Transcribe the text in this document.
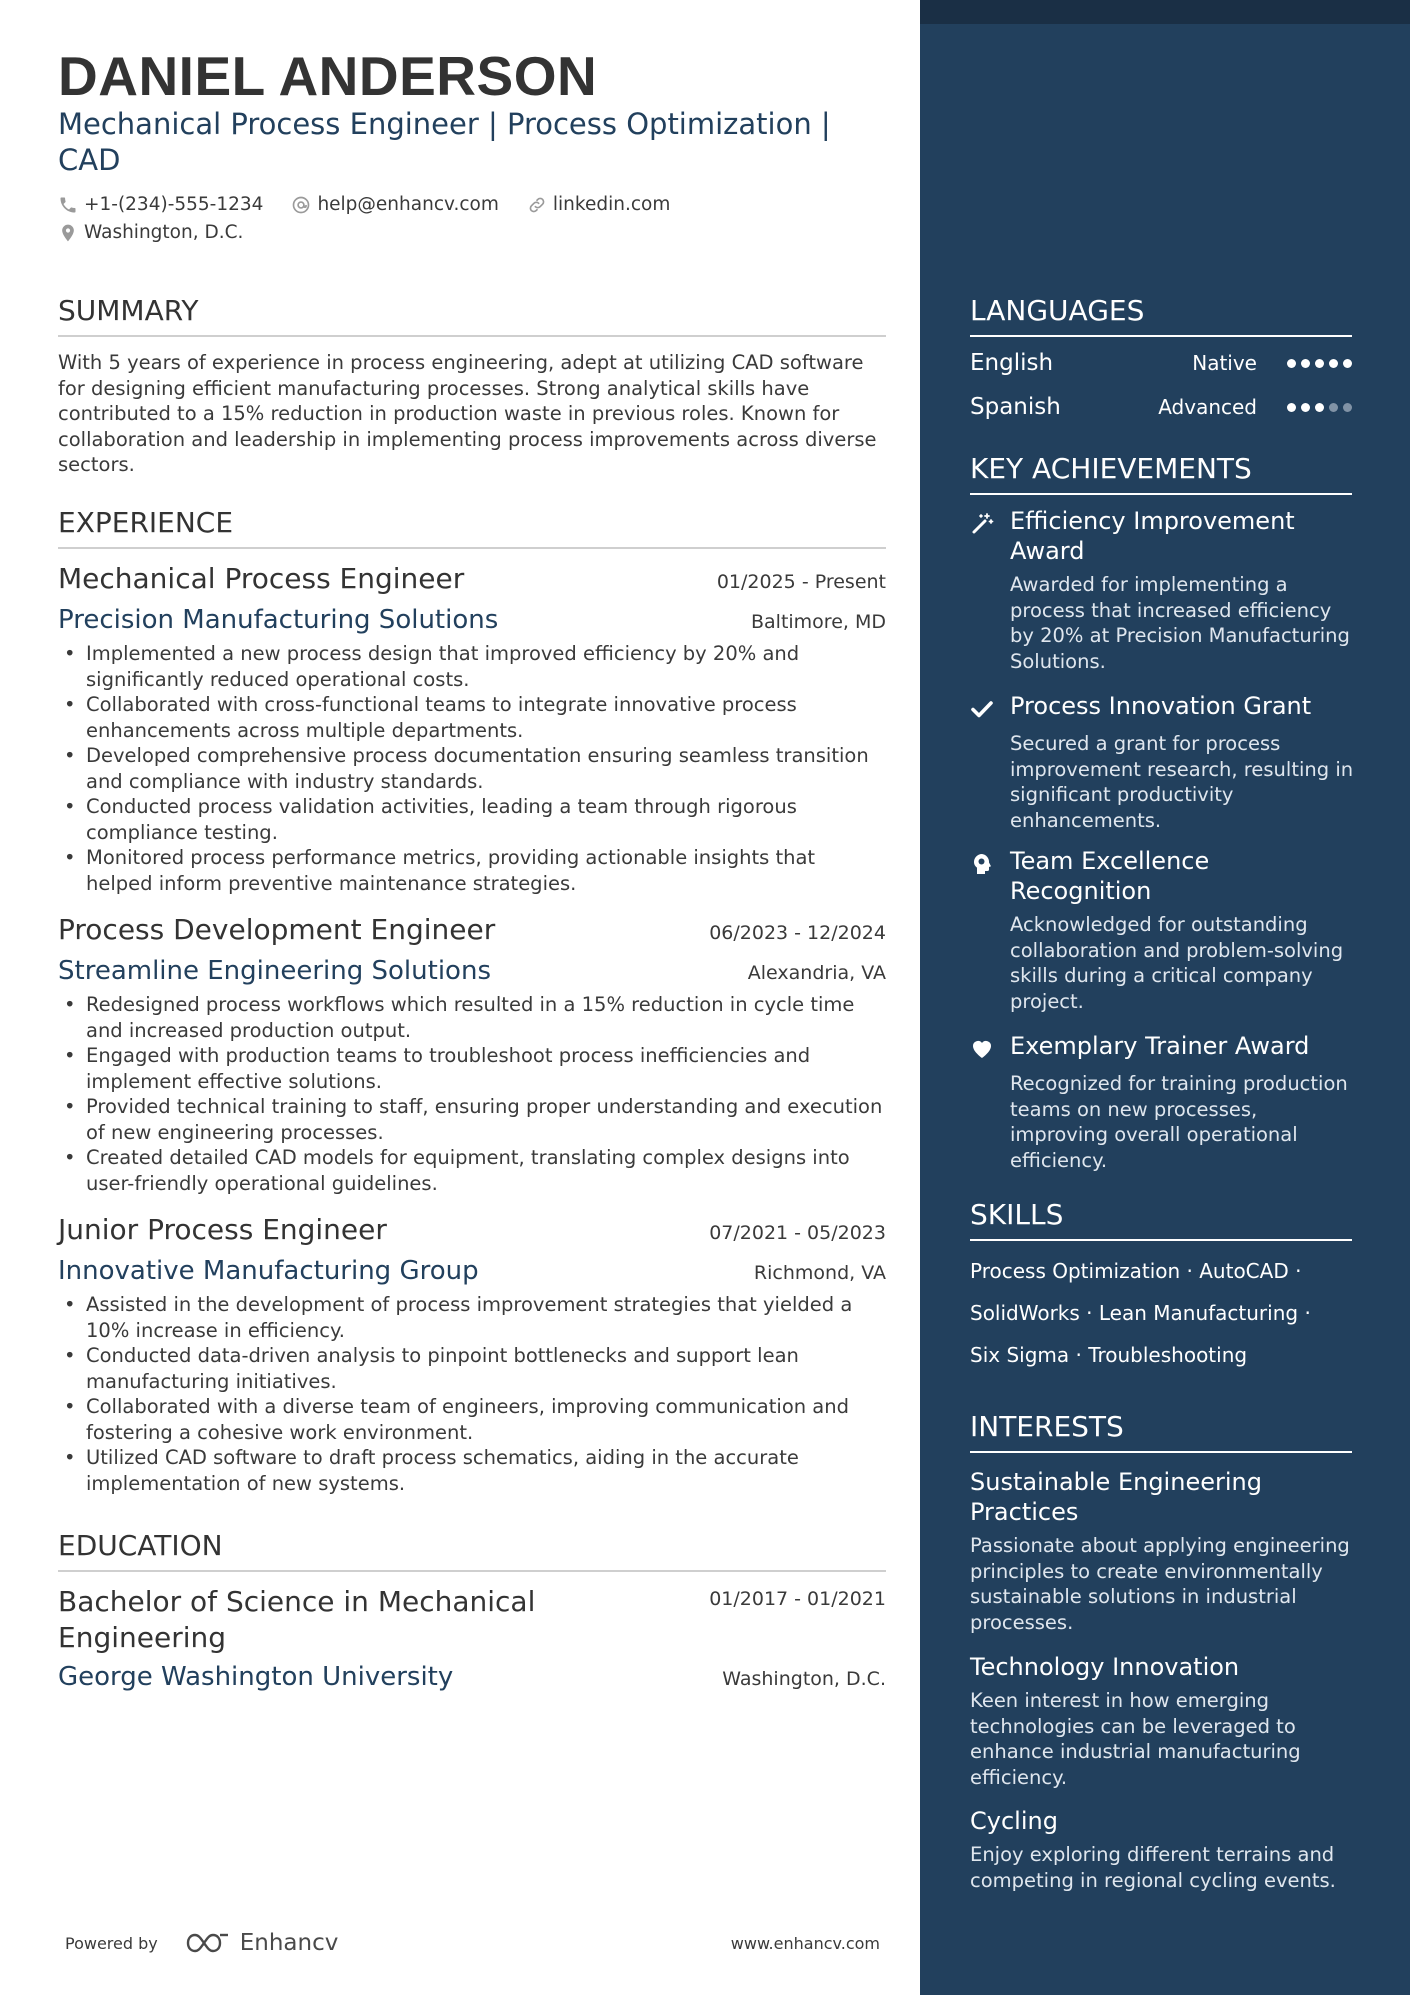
DANIEL ANDERSON
Mechanical Process Engineer | Process Optimization | CAD
+1-(234)-555-1234	help@enhancv.com	linkedin.com
Washington, D.C.
SUMMARY
With 5 years of experience in process engineering, adept at utilizing CAD software for designing efficient manufacturing processes. Strong analytical skills have contributed to a 15% reduction in production waste in previous roles. Known for collaboration and leadership in implementing process improvements across diverse sectors.
EXPERIENCE
Mechanical Process Engineer	01/2025 - Present
Precision Manufacturing Solutions	Baltimore, MD
• Implemented a new process design that improved efficiency by 20% and significantly reduced operational costs.
• Collaborated with cross-functional teams to integrate innovative process enhancements across multiple departments.
• Developed comprehensive process documentation ensuring seamless transition and compliance with industry standards.
• Conducted process validation activities, leading a team through rigorous compliance testing.
• Monitored process performance metrics, providing actionable insights that helped inform preventive maintenance strategies.
Process Development Engineer	06/2023 - 12/2024
Streamline Engineering Solutions	Alexandria, VA
• Redesigned process workflows which resulted in a 15% reduction in cycle time and increased production output.
• Engaged with production teams to troubleshoot process inefficiencies and implement effective solutions.
• Provided technical training to staff, ensuring proper understanding and execution of new engineering processes.
• Created detailed CAD models for equipment, translating complex designs into user-friendly operational guidelines.
Junior Process Engineer	07/2021 - 05/2023
Innovative Manufacturing Group	Richmond, VA
• Assisted in the development of process improvement strategies that yielded a 10% increase in efficiency.
• Conducted data-driven analysis to pinpoint bottlenecks and support lean manufacturing initiatives.
• Collaborated with a diverse team of engineers, improving communication and fostering a cohesive work environment.
• Utilized CAD software to draft process schematics, aiding in the accurate implementation of new systems.
EDUCATION
Bachelor of Science in Mechanical Engineering
01/2017 - 01/2021
George Washington University	Washington, D.C.
Powered by	Enhancv	www.enhancv.com
LANGUAGES
English	Native
Spanish	Advanced
KEY ACHIEVEMENTS
Efficiency Improvement Award
Awarded for implementing a process that increased efficiency by 20% at Precision Manufacturing Solutions.
Process Innovation Grant
Secured a grant for process improvement research, resulting in significant productivity enhancements.
Team Excellence Recognition
Acknowledged for outstanding collaboration and problem-solving skills during a critical company project.
Exemplary Trainer Award
Recognized for training production teams on new processes, improving overall operational efficiency.
SKILLS
Process Optimization · AutoCAD ·
SolidWorks · Lean Manufacturing ·
Six Sigma · Troubleshooting
INTERESTS
Sustainable Engineering Practices
Passionate about applying engineering principles to create environmentally sustainable solutions in industrial processes.
Technology Innovation
Keen interest in how emerging technologies can be leveraged to enhance industrial manufacturing efficiency.
Cycling
Enjoy exploring different terrains and competing in regional cycling events.
